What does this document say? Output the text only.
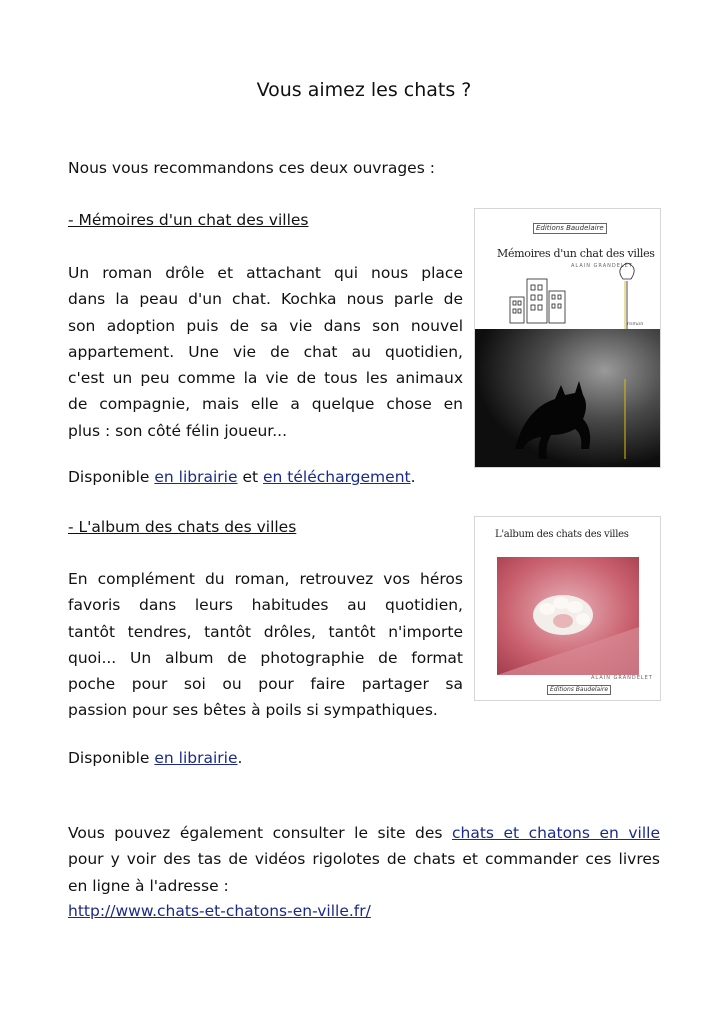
Vous aimez les chats ?

Nous vous recommandons ces deux ouvrages :

- Mémoires d'un chat des villes

Un roman drôle et attachant qui nous place
dans la peau d'un chat. Kochka nous parle de
son adoption puis de sa vie dans son nouvel
appartement. Une vie de chat au quotidien,
c'est un peu comme la vie de tous les animaux
de compagnie, mais elle a quelque chose en
plus : son côté félin joueur...

Disponible en librairie et en téléchargement.

Editions Baudelaire
Mémoires d'un chat des villes
ALAIN GRANDELET
roman

- L'album des chats des villes

En complément du roman, retrouvez vos héros
favoris dans leurs habitudes au quotidien,
tantôt tendres, tantôt drôles, tantôt n'importe
quoi... Un album de photographie de format
poche pour soi ou pour faire partager sa
passion pour ses bêtes à poils si sympathiques.

Disponible en librairie.

L'album des chats des villes
ALAIN GRANDELET
Editions Baudelaire
Vous pouvez également consulter le site des chats et chatons en ville
pour y voir des tas de vidéos rigolotes de chats et commander ces livres
en ligne à l'adresse :

http://www.chats-et-chatons-en-ville.fr/
